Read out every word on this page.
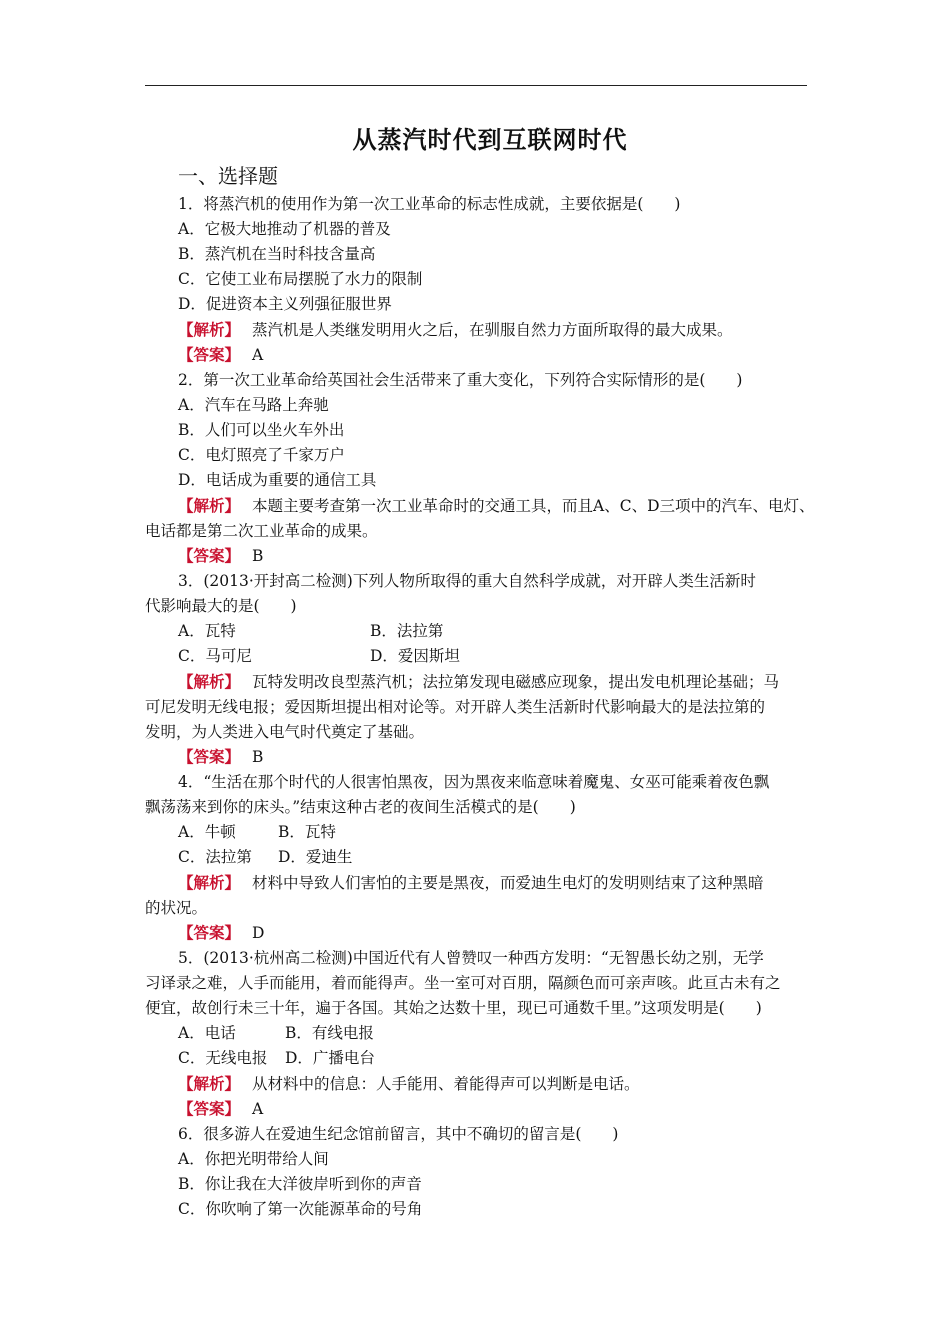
从蒸汽时代到互联网时代
一、选择题
1．将蒸汽机的使用作为第一次工业革命的标志性成就，主要依据是(　　)
A．它极大地推动了机器的普及
B．蒸汽机在当时科技含量高
C．它使工业布局摆脱了水力的限制
D．促进资本主义列强征服世界
【解析】 蒸汽机是人类继发明用火之后，在驯服自然力方面所取得的最大成果。
【答案】 A
2．第一次工业革命给英国社会生活带来了重大变化，下列符合实际情形的是(　　)
A．汽车在马路上奔驰
B．人们可以坐火车外出
C．电灯照亮了千家万户
D．电话成为重要的通信工具
【解析】 本题主要考查第一次工业革命时的交通工具，而且A、C、D三项中的汽车、电灯、
电话都是第二次工业革命的成果。
【答案】 B
3．(2013·开封高二检测)下列人物所取得的重大自然科学成就，对开辟人类生活新时
代影响最大的是(　　)
A．瓦特	B．法拉第
C．马可尼	D．爱因斯坦
【解析】 瓦特发明改良型蒸汽机；法拉第发现电磁感应现象，提出发电机理论基础；马
可尼发明无线电报；爱因斯坦提出相对论等。对开辟人类生活新时代影响最大的是法拉第的
发明，为人类进入电气时代奠定了基础。
【答案】 B
4．“生活在那个时代的人很害怕黑夜，因为黑夜来临意味着魔鬼、女巫可能乘着夜色飘
飘荡荡来到你的床头。”结束这种古老的夜间生活模式的是(　　)
A．牛顿	B．瓦特
C．法拉第 D．爱迪生
【解析】 材料中导致人们害怕的主要是黑夜，而爱迪生电灯的发明则结束了这种黑暗
的状况。
【答案】 D
5．(2013·杭州高二检测)中国近代有人曾赞叹一种西方发明：“无智愚长幼之别，无学
习译录之难，人手而能用，着而能得声。坐一室可对百朋，隔颜色而可亲声咳。此亘古未有之
便宜，故创行未三十年，遍于各国。其始之达数十里，现已可通数千里。”这项发明是(　　)
A．电话	B．有线电报
C．无线电报 D．广播电台
【解析】 从材料中的信息：人手能用、着能得声可以判断是电话。
【答案】 A
6．很多游人在爱迪生纪念馆前留言，其中不确切的留言是(　　)
A．你把光明带给人间
B．你让我在大洋彼岸听到你的声音
C．你吹响了第一次能源革命的号角
